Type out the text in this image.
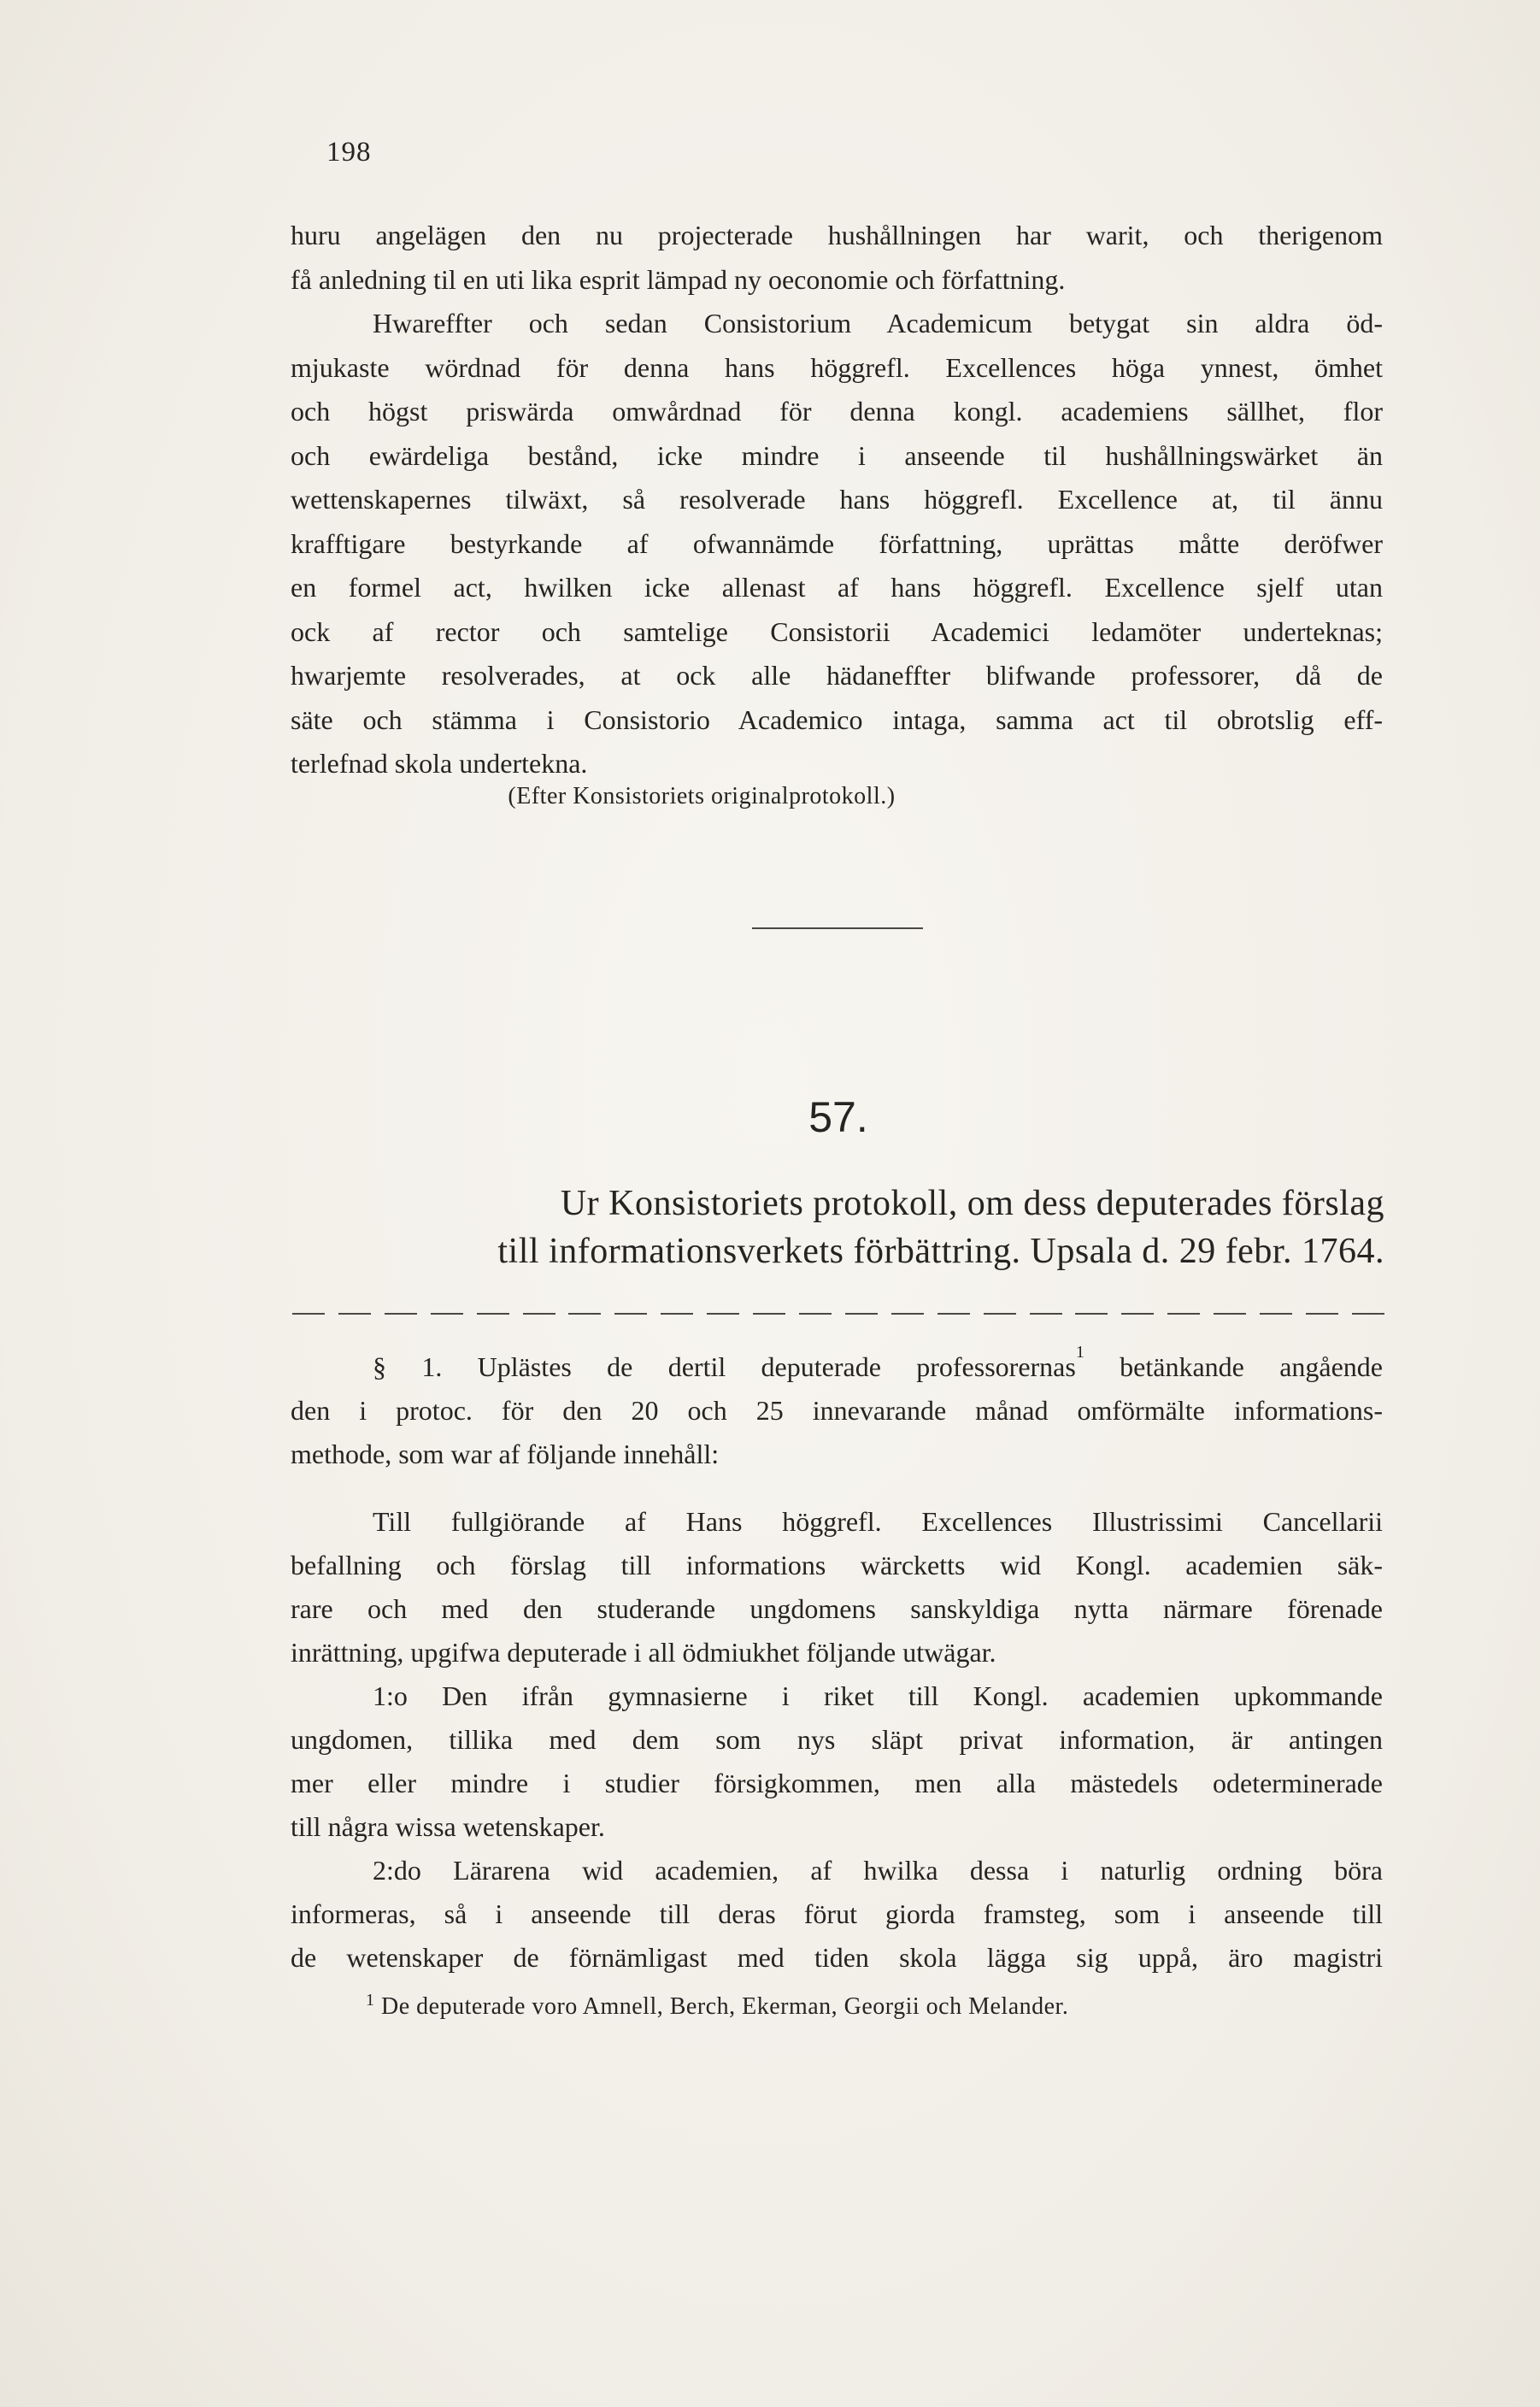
198
huru angelägen den nu projecterade hushållningen har warit, och therigenom
få anledning til en uti lika esprit lämpad ny oeconomie och författning.
Hwareffter och sedan Consistorium Academicum betygat sin aldra öd-
mjukaste wördnad för denna hans höggrefl. Excellences höga ynnest, ömhet
och högst priswärda omwårdnad för denna kongl. academiens sällhet, flor
och ewärdeliga bestånd, icke mindre i anseende til hushållningswärket än
wettenskapernes tilwäxt, så resolverade hans höggrefl. Excellence at, til ännu
krafftigare bestyrkande af ofwannämde författning, uprättas måtte deröfwer
en formel act, hwilken icke allenast af hans höggrefl. Excellence sjelf utan
ock af rector och samtelige Consistorii Academici ledamöter underteknas;
hwarjemte resolverades, at ock alle hädaneffter blifwande professorer, då de
säte och stämma i Consistorio Academico intaga, samma act til obrotslig eff-
terlefnad skola undertekna.
(Efter Konsistoriets originalprotokoll.)
57.
Ur Konsistoriets protokoll, om dess deputerades förslag
till informationsverkets förbättring. Upsala d. 29 febr. 1764.
§ 1. Uplästes de dertil deputerade professorernas$^1$ betänkande angående
den i protoc. för den 20 och 25 innevarande månad omförmälte informations-
methode, som war af följande innehåll:
Till fullgiörande af Hans höggrefl. Excellences Illustrissimi Cancellarii
befallning och förslag till informations wärcketts wid Kongl. academien säk-
rare och med den studerande ungdomens sanskyldiga nytta närmare förenade
inrättning, upgifwa deputerade i all ödmiukhet följande utwägar.
1:o Den ifrån gymnasierne i riket till Kongl. academien upkommande
ungdomen, tillika med dem som nys släpt privat information, är antingen
mer eller mindre i studier försigkommen, men alla mästedels odeterminerade
till några wissa wetenskaper.
2:do Lärarena wid academien, af hwilka dessa i naturlig ordning böra
informeras, så i anseende till deras förut giorda framsteg, som i anseende till
de wetenskaper de förnämligast med tiden skola lägga sig uppå, äro magistri
$^1$ De deputerade voro Amnell, Berch, Ekerman, Georgii och Melander.
